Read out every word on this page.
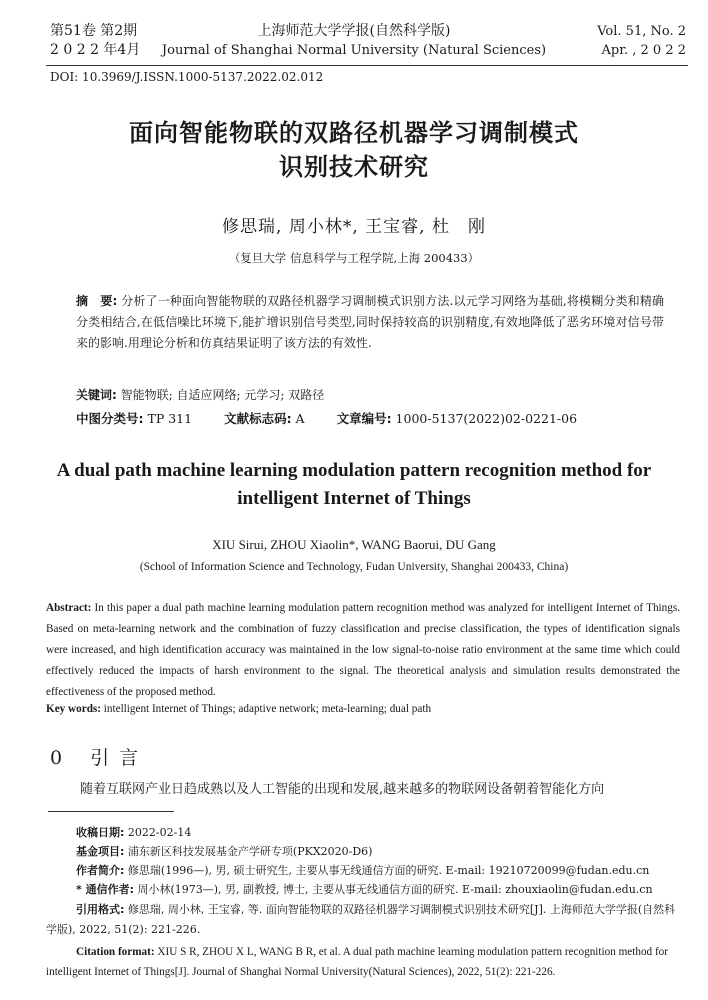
第51卷 第2期
2 0 2 2 年4月
上海师范大学学报(自然科学版)
Journal of Shanghai Normal University (Natural Sciences)
Vol. 51, No. 2
Apr. , 2 0 2 2
DOI: 10.3969/J.ISSN.1000-5137.2022.02.012
面向智能物联的双路径机器学习调制模式
识别技术研究
修思瑞, 周小林*, 王宝睿, 杜　刚
（复旦大学 信息科学与工程学院,上海 200433）
摘　要: 分析了一种面向智能物联的双路径机器学习调制模式识别方法.以元学习网络为基础,将模糊分类和精确分类相结合,在低信噪比环境下,能扩增识别信号类型,同时保持较高的识别精度,有效地降低了恶劣环境对信号带来的影响.用理论分析和仿真结果证明了该方法的有效性.
关键词: 智能物联; 自适应网络; 元学习; 双路径
中图分类号: TP 311	文献标志码: A	文章编号: 1000-5137(2022)02-0221-06
A dual path machine learning modulation pattern recognition method for
intelligent Internet of Things
XIU Sirui, ZHOU Xiaolin*, WANG Baorui, DU Gang
(School of Information Science and Technology, Fudan University, Shanghai 200433, China)
Abstract: In this paper a dual path machine learning modulation pattern recognition method was analyzed for intelligent Internet of Things. Based on meta-learning network and the combination of fuzzy classification and precise classification, the types of identification signals were increased, and high identification accuracy was maintained in the low signal-to-noise ratio environment at the same time which could effectively reduced the impacts of harsh environment to the signal. The theoretical analysis and simulation results demonstrated the effectiveness of the proposed method.
Key words: intelligent Internet of Things; adaptive network; meta-learning; dual path
0 引言
随着互联网产业日趋成熟以及人工智能的出现和发展,越来越多的物联网设备朝着智能化方向
收稿日期: 2022-02-14
基金项目: 浦东新区科技发展基金产学研专项(PKX2020-D6)
作者简介: 修思瑞(1996—), 男, 硕士研究生, 主要从事无线通信方面的研究. E-mail: 19210720099@fudan.edu.cn
* 通信作者: 周小林(1973—), 男, 副教授, 博士, 主要从事无线通信方面的研究. E-mail: zhouxiaolin@fudan.edu.cn
引用格式: 修思瑞, 周小林, 王宝睿, 等. 面向智能物联的双路径机器学习调制模式识别技术研究[J]. 上海师范大学学报(自然科学版), 2022, 51(2): 221-226.
Citation format: XIU S R, ZHOU X L, WANG B R, et al. A dual path machine learning modulation pattern recognition method for intelligent Internet of Things[J]. Journal of Shanghai Normal University(Natural Sciences), 2022, 51(2): 221-226.
